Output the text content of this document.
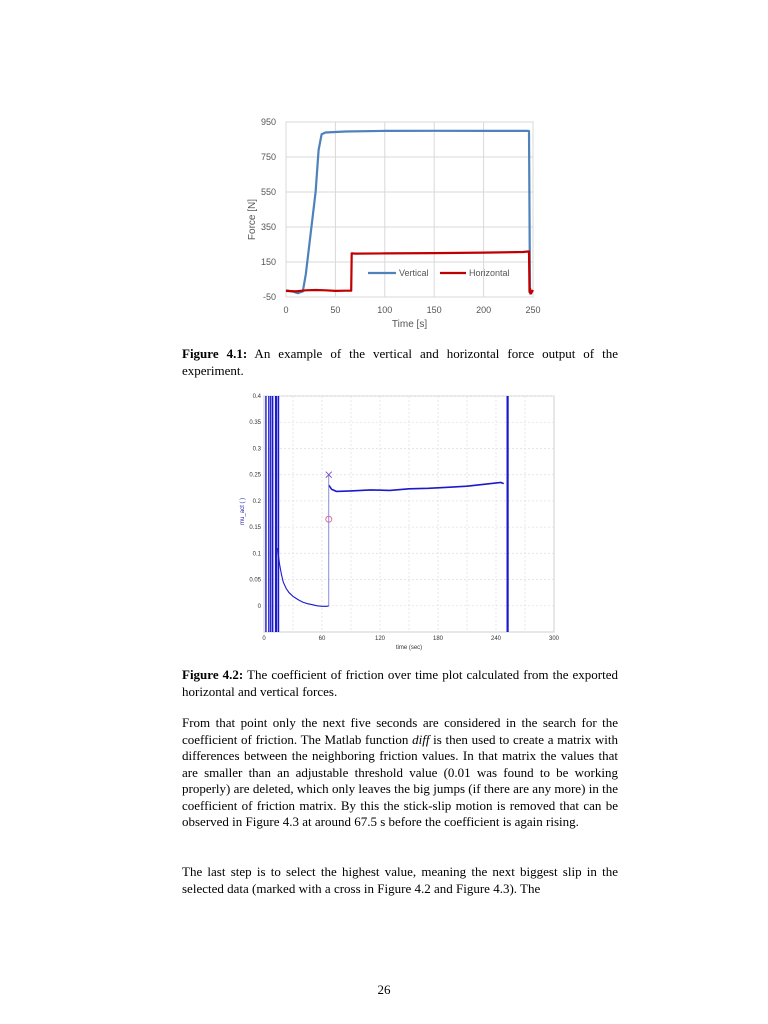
0	50	100	150	200	250
950
750
550
350
150
-50
Time [s]
Force [N]
Vertical	Horizontal
Figure 4.1: An example of the vertical and horizontal force output of the experiment.
0	60	120	180	240	300
0.4
0.35
0.3
0.25
0.2
0.15
0.1
0.05
0
time (sec)
mu_act ( )
Figure 4.2: The coefficient of friction over time plot calculated from the exported horizontal and vertical forces.
From that point only the next five seconds are considered in the search for the coefficient of friction. The Matlab function diff is then used to create a matrix with differences between the neighboring friction values. In that matrix the values that are smaller than an adjustable threshold value (0.01 was found to be working properly) are deleted, which only leaves the big jumps (if there are any more) in the coefficient of friction matrix. By this the stick-slip motion is removed that can be observed in Figure 4.3 at around 67.5 s before the coefficient is again rising.
The last step is to select the highest value, meaning the next biggest slip in the selected data (marked with a cross in Figure 4.2 and Figure 4.3). The
26
